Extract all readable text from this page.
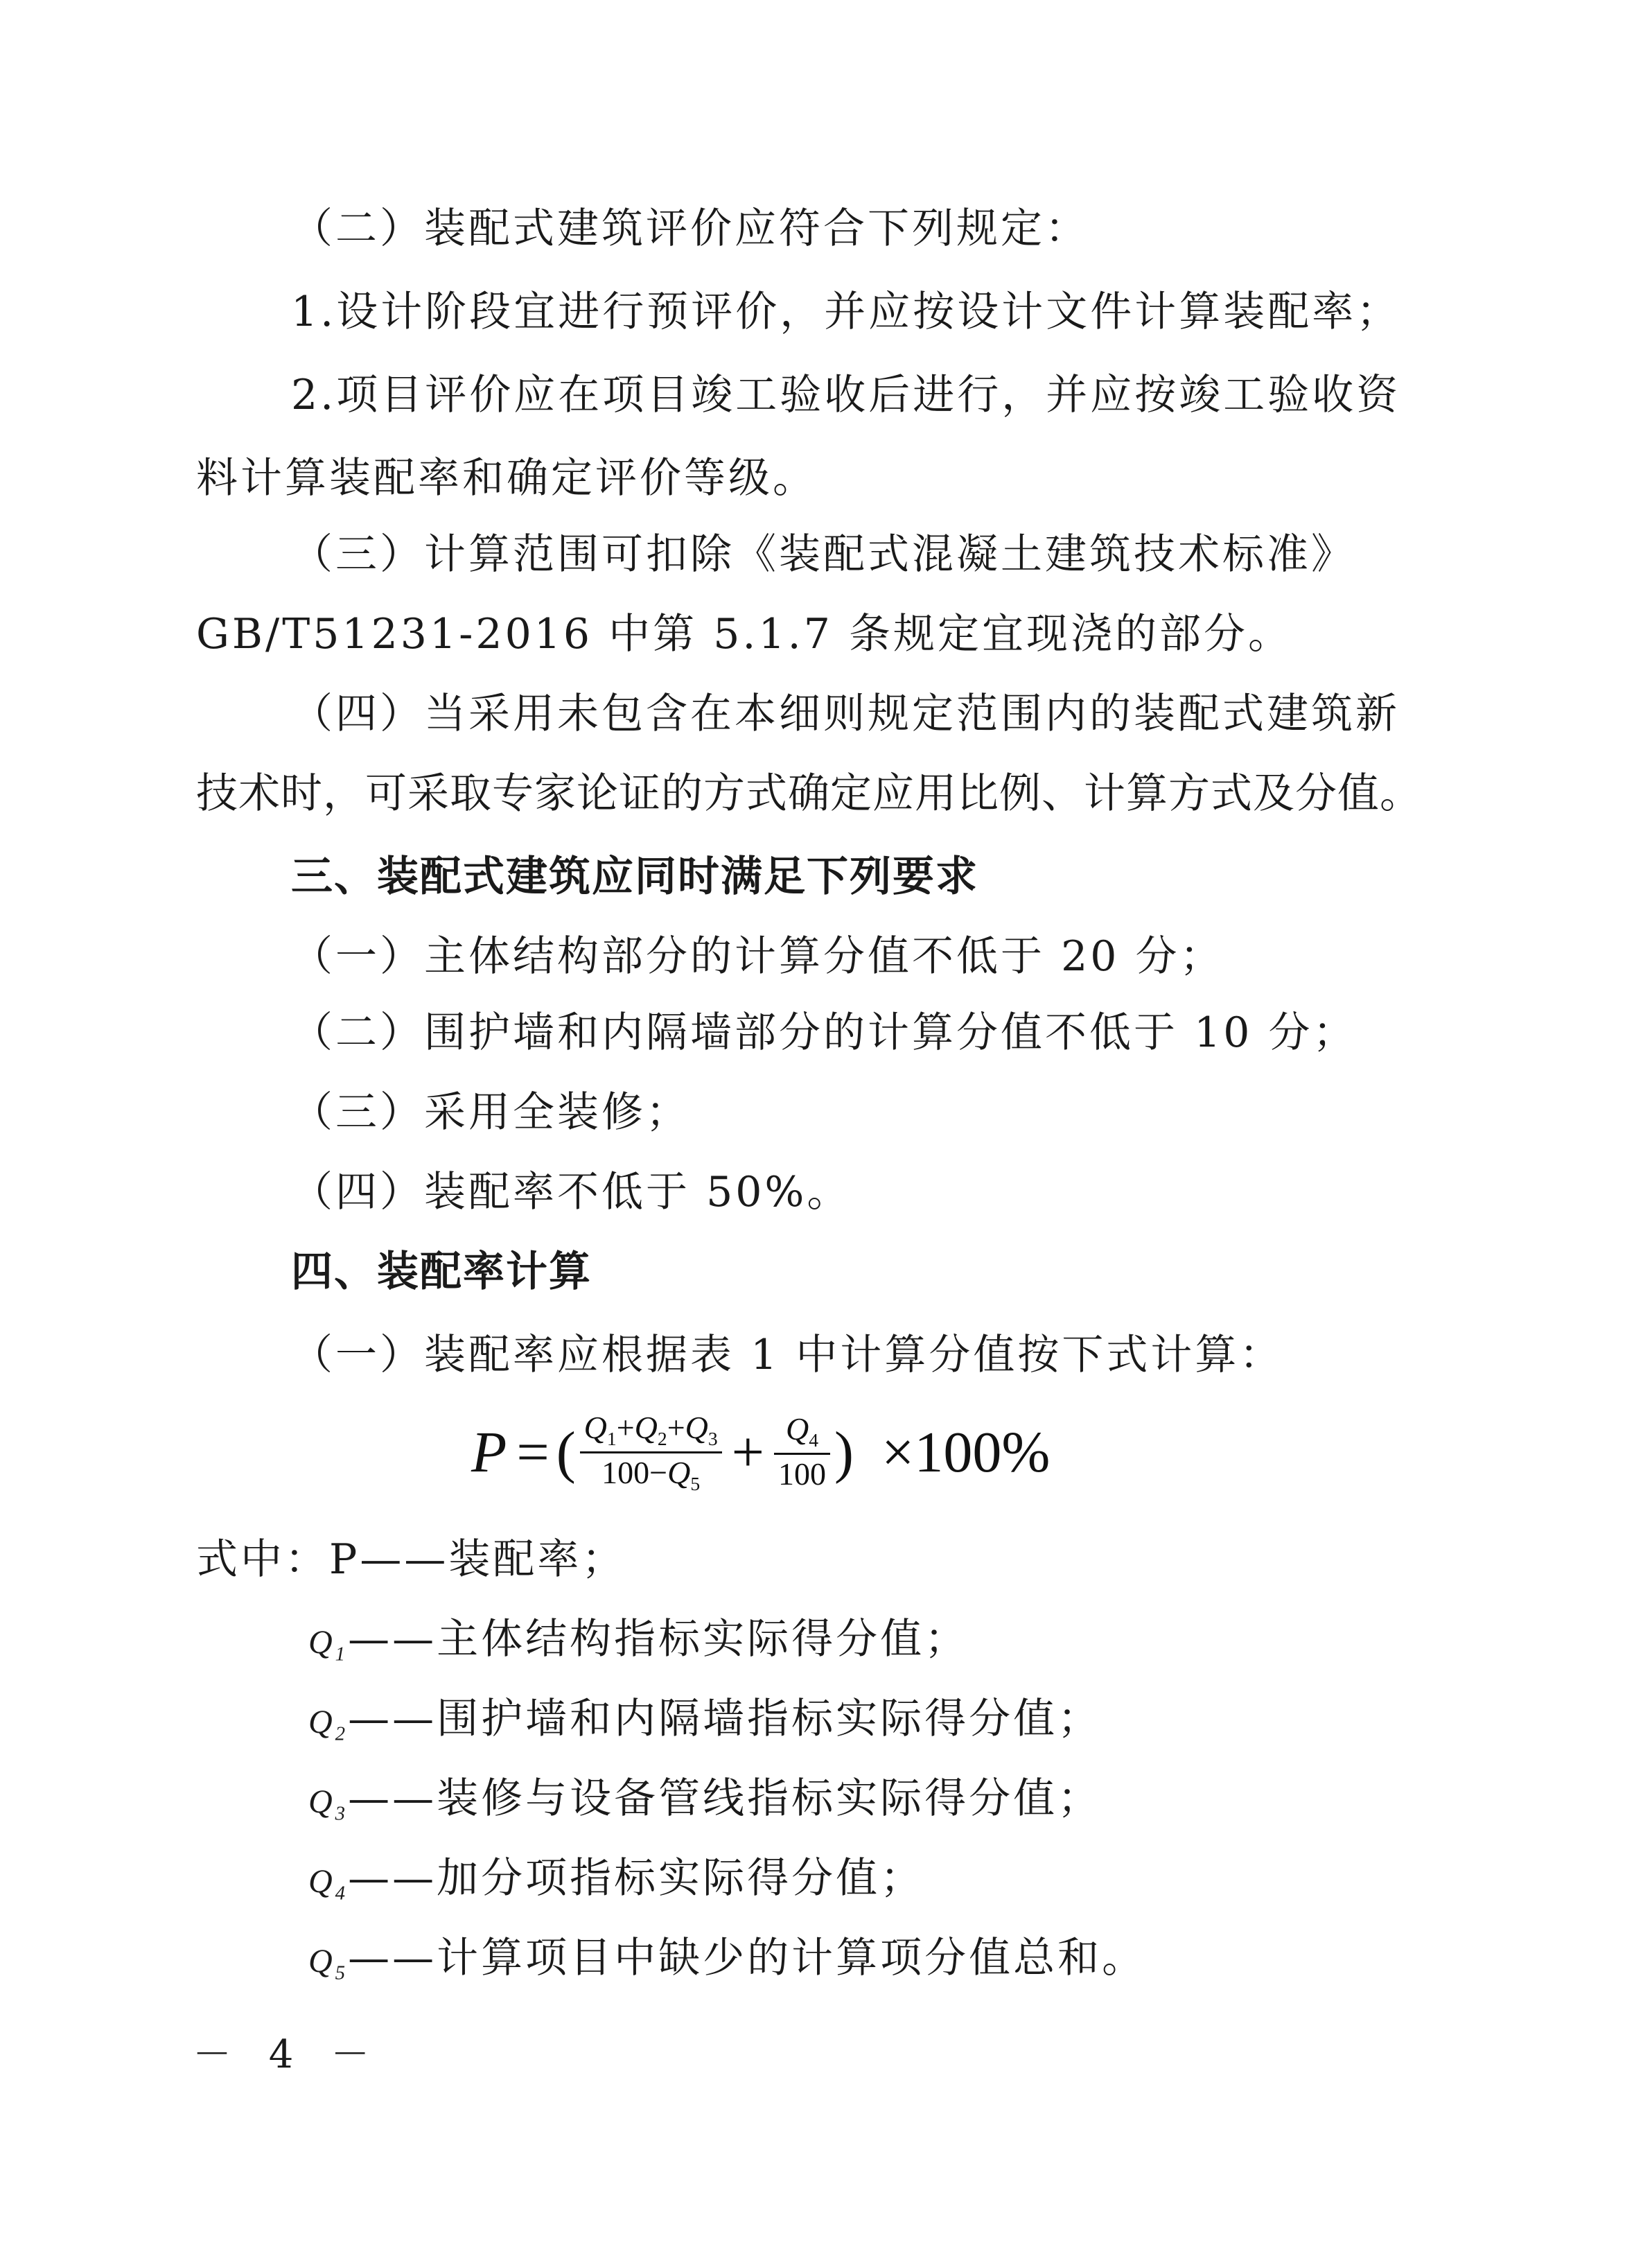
（二）装配式建筑评价应符合下列规定：
1.设计阶段宜进行预评价，并应按设计文件计算装配率；
2.项目评价应在项目竣工验收后进行，并应按竣工验收资
料计算装配率和确定评价等级。
（三）计算范围可扣除《装配式混凝土建筑技术标准》
GB/T51231-2016 中第 5.1.7 条规定宜现浇的部分。
（四）当采用未包含在本细则规定范围内的装配式建筑新
技术时，可采取专家论证的方式确定应用比例、计算方式及分值。
三、装配式建筑应同时满足下列要求
（一）主体结构部分的计算分值不低于 20 分；
（二）围护墙和内隔墙部分的计算分值不低于 10 分；
（三）采用全装修；
（四）装配率不低于 50%。
四、装配率计算
（一）装配率应根据表 1 中计算分值按下式计算：
P = ( $\frac{Q_1+Q_2+Q_3}{100-Q_5} + \frac{Q_4}{100}$ ) ×100%
式中：P——装配率；
$Q_1——$主体结构指标实际得分值；
$Q_2——$围护墙和内隔墙指标实际得分值；
$Q_3——$装修与设备管线指标实际得分值；
$Q_4——$加分项指标实际得分值；
$Q_5——$计算项目中缺少的计算项分值总和。
－ 4 －
